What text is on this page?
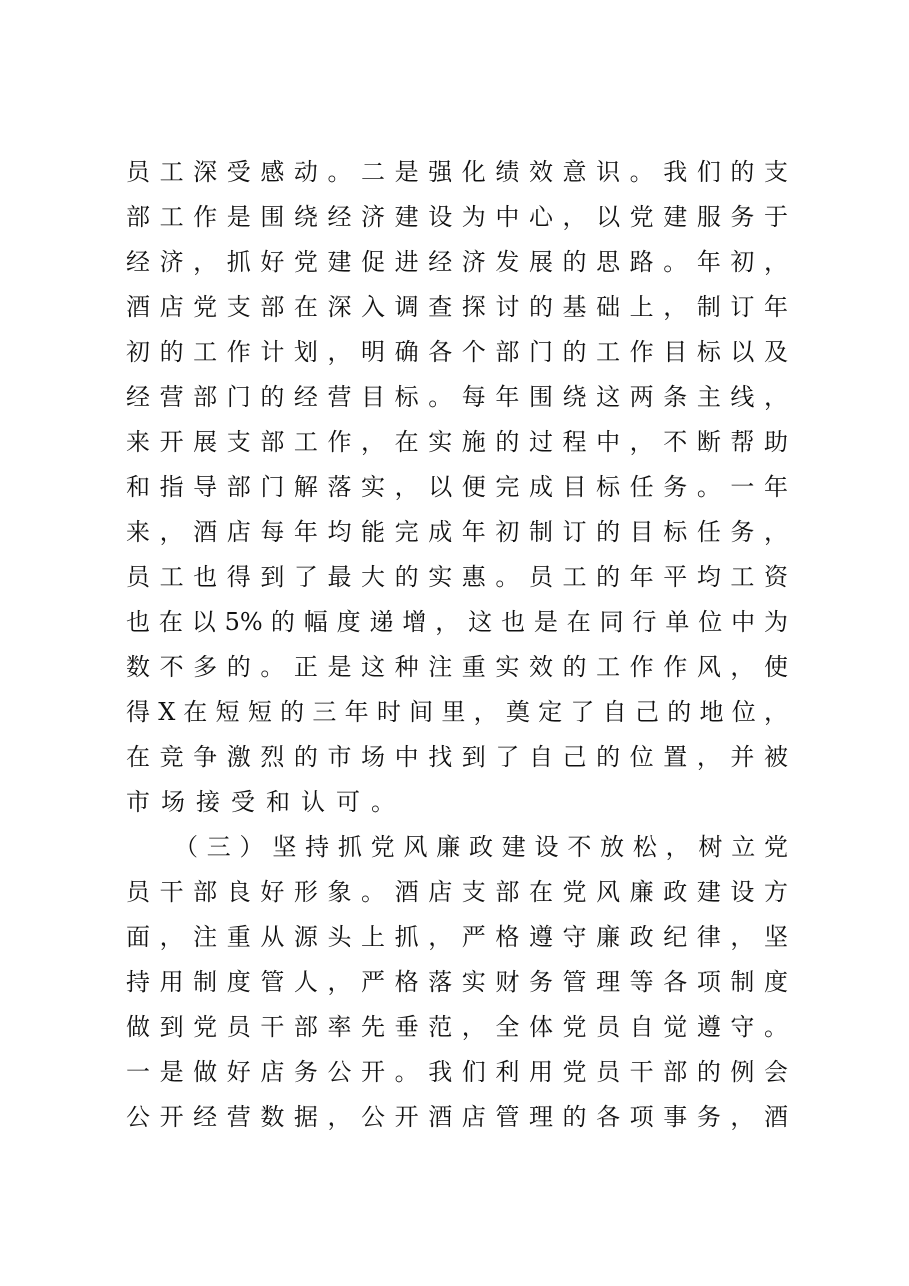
员 工 深 受 感 动 。 二 是 强 化 绩 效 意 识 。 我 们 的 支
部 工 作 是 围 绕 经 济 建 设 为 中 心 ， 以 党 建 服 务 于
经 济 ， 抓 好 党 建 促 进 经 济 发 展 的 思 路 。 年 初 ，
酒 店 党 支 部 在 深 入 调 查 探 讨 的 基 础 上 ， 制 订 年
初 的 工 作 计 划 ， 明 确 各 个 部 门 的 工 作 目 标 以 及
经 营 部 门 的 经 营 目 标 。 每 年 围 绕 这 两 条 主 线 ，
来 开 展 支 部 工 作 ， 在 实 施 的 过 程 中 ， 不 断 帮 助
和 指 导 部 门 解 落 实 ， 以 便 完 成 目 标 任 务 。 一 年
来 ， 酒 店 每 年 均 能 完 成 年 初 制 订 的 目 标 任 务 ，
员 工 也 得 到 了 最 大 的 实 惠 。 员 工 的 年 平 均 工 资
也 在 以 5% 的 幅 度 递 增 ， 这 也 是 在 同 行 单 位 中 为
数 不 多 的 。 正 是 这 种 注 重 实 效 的 工 作 作 风 ， 使
得 X 在 短 短 的 三 年 时 间 里 ， 奠 定 了 自 己 的 地 位 ，
在 竞 争 激 烈 的 市 场 中 找 到 了 自 己 的 位 置 ， 并 被
市场接受和认可。
（ 三 ） 坚 持 抓 党 风 廉 政 建 设 不 放 松 ， 树 立 党
员 干 部 良 好 形 象 。 酒 店 支 部 在 党 风 廉 政 建 设 方
面 ， 注 重 从 源 头 上 抓 ， 严 格 遵 守 廉 政 纪 律 ， 坚
持 用 制 度 管 人 ， 严 格 落 实 财 务 管 理 等 各 项 制 度
做 到 党 员 干 部 率 先 垂 范 ， 全 体 党 员 自 觉 遵 守 。
一 是 做 好 店 务 公 开 。 我 们 利 用 党 员 干 部 的 例 会
公 开 经 营 数 据 ， 公 开 酒 店 管 理 的 各 项 事 务 ， 酒
